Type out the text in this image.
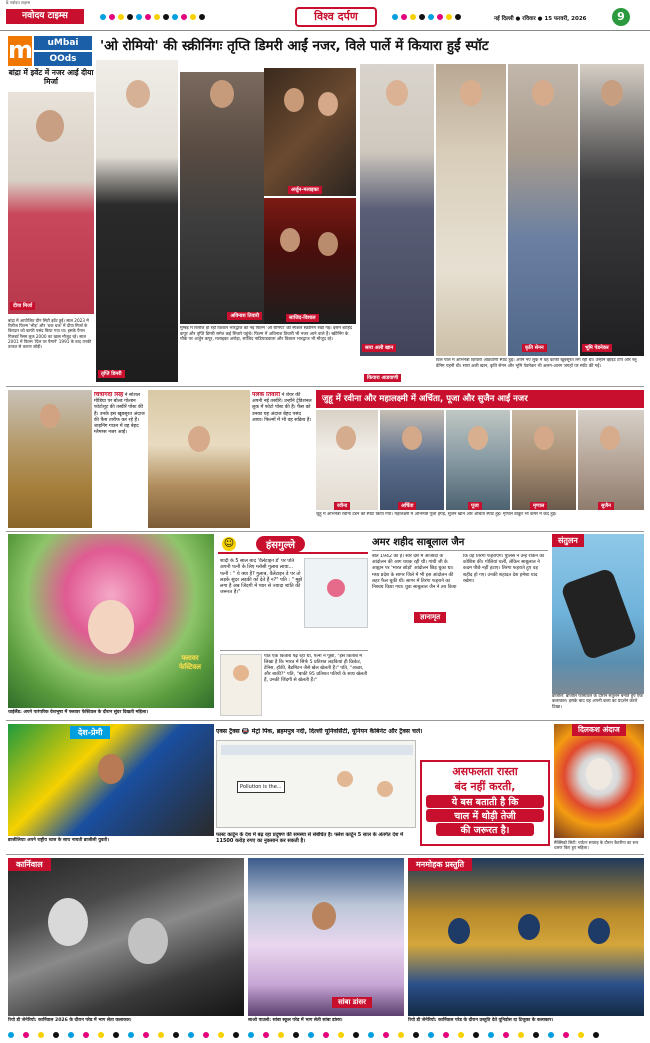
8 नवोदय टाइम्स
नवोदय टाइम्स	विश्व दर्पण	नई दिल्ली ● रविवार ● 15 फरवरी, 2026	9
m	uMbai
OOds
बांद्रा में इवेंट में नजर आईं दीया मिर्जा
'ओ रोमियो' की स्क्रीनिंगः तृप्ति डिमरी आईं नजर, विले पार्ले में कियारा हुईं स्पॉट
दीया मिर्जा
बांद्रा में आयोजित ग्रीन सिटी इवेंट हुईं। साल 2023 में रिलीज फिल्म 'भीड़' और 'धक धक' में दीया मिर्जा के किरदार को काफी पसंद किया गया था। इसके पैनल गिलबर्ट रैंसम लुक 2000 का खास मौजूद रहे। साल 2001 में फिल्म 'दिल पर पैमाने' 1991 के बाद उनकी ताकत से कारण जोड़ी।
तृप्ति डिमरी
अविनाश तिवारी
अर्जुन-मलाइका
साजिद-विशाल
मुम्बई में रिलीज हो रही विशाल भारद्वाज की नई फिल्म 'ओ रोमियो' की स्पेशल स्क्रीनिंग रखी गई। इसमें शाहिद कपूर और तृप्ति डिमरी समेत कई सितारे पहुंचे। फिल्म में अविनाश तिवारी भी नजर आने वाले हैं। स्क्रीनिंग के मौके पर अर्जुन कपूर, मलाइका अरोड़ा, साजिद नाडियाडवाला और विशाल भारद्वाज भी मौजूद रहे।
सारा अली खान	कृति सेनन	भूमि पेडनेकर
विले पार्ले में अभिनेत्री कियारा आडवाणी स्पॉट हुईं। अपने नए लुक में वह काफी खूबसूरत लग रही थीं। उन्होंने व्हाइट टॉप और ब्लू डेनिम पहनी थी। सारा अली खान, कृति सेनन और भूमि पेडनेकर भी अलग-अलग जगहों पर स्पॉट की गईं।
कियारा आडवाणी
चित्रांगदा सिंह ने सोशल मीडिया पर बोल्ड गोल्डन फोटोशूट की तस्वीरें पोस्ट कीं हैं। उनके इस खूबसूरत अंदाज की फैंस तारीफ कर रहे हैं। शाइनिंग गाउन में वह बेहद ग्लैमरस नजर आईं।
पलक तिवारी ने शेयर कीं अपनी नई तस्वीरें। उन्होंने ट्रेडिशनल लुक में फोटो पोस्ट की हैं। फैंस को उनका यह अंदाज बेहद पसंद आया। फिल्मों में भी वह सक्रिय हैं।
जुहू में रवीना और महालक्ष्मी में अर्चिता, पूजा और सुजैन आईं नजर
रवीना	अर्चिता	पूजा	मृणाल	सुजैन
जुहू में अभिनेत्री रवीना टंडन को स्पॉट किया गया। महालक्ष्मी में अभिनेत्री पूजा हेगड़े, सुजैन खान और अर्चिता स्पॉट हुईं। मृणाल ठाकुर भी कैमरे में कैद हुईं।
फ्लावर फेस्टिवल
थाईलैंड: अपने पारंपरिक वेशभूषा में फ्लावर फेस्टिवल के दौरान सुंदर दिखती महिला।
☺	हंसगुल्ले
शादी के 5 साल बाद 'वैलेंटाइन डे' पर पति अपनी पत्नी के लिए ग्लॉसी गुलाब लाया... पत्नी : " ये क्या है? गुलाब, वैलेंटाइन डे पर तो लड़के सुंदर लड़की को देते हैं न?" पति : " मुझे लगा है अब जिंदगी में प्यार से ज्यादा शांति की जरूरत है।"
पति एक किताब पढ़ रहा था, पत्नी ने पूछा, "इस किताब में लिखा है कि भारत में सिर्फ 5 प्रतिशत लड़कियां ही क्रिकेट, टेनिस, हॉकी, बैडमिंटन जैसे खेल खेलती हैं।" पति, "अच्छा, और बाकी?" पति, "बाकी 95 प्रतिशत पतियों के साथ खेलती हैं, उनकी जिंदगी से खेलती हैं।"
अमर शहीद साबूलाल जैन
बात 1942 की है। सारे देश में आजादी के आंदोलन की आग धधक रही थी। गांधी जी के आह्वान पर 'भारत छोड़ो' आंदोलन छिड़ चुका था। मध्य प्रदेश के सागर जिले में भी इस आंदोलन की लहर फैल चुकी थी। सागर में तिरंगा फहराने का निश्चय किया गया। युवा साबूलाल जैन ने तय किया कि वह तिरंगा फहराएंगे। पुलिस ने उन्हें रोकने की कोशिश की। गोलियां चलीं, लेकिन साबूलाल ने कदम पीछे नहीं हटाए। तिरंगा फहराते हुए वह शहीद हो गए। उनकी शहादत देश हमेशा याद रखेगा।
ज्ञानामृत
संतुलन
ब्राजील: ब्राजील फेस्टिवल के दौरान संतुलन बनाते हुए एक कलाकार। इसके बाद वह अपनी कला का प्रदर्शन करते दिखा।
देश-प्रेमी
ब्राजीलियाः अपने राष्ट्रीय ध्वज के साथ नाचती ब्राजीली युवती।
एक्स ट्रैक्स 🚇 मेट्रो पिंक, ब्रहमपुत्र नदी, दिल्ली यूनिवर्सिटी, यूनियन कैबिनेट और ट्रैक्स चले।
Pollution is the...
असफलता रास्ता
बंद नहीं करती,
ये बस बताती है कि
चाल में थोड़ी तेजी
की जरूरत है।
फास्ट कार्टून के देश में बढ़ रहा प्रदूषण की समस्या से संबंधित है। फ्लेश कार्टून 5 साल के अंतर्गत देश में 11500 करोड़ रुपए का नुकसान कर सकती है।
दिलकश अंदाज
मैक्सिको सिटी: पर्यटन सप्ताह के दौरान कैटरीना का रूप धारण किए हुए महिला।
कार्निवाल
रियो डी जेनेरियो: कार्निवाल 2026 के दौरान परेड में भाग लेता कलाकार।
सांबा डांसर
साओ पाउलो: सांबा स्कूल परेड में भाग लेती सांबा डांसर।
मनमोहक प्रस्तुति
रियो डी जेनेरियो: कार्निवाल परेड के दौरान प्रस्तुति देते यूनिडोस दा टिजुका के कलाकार।
